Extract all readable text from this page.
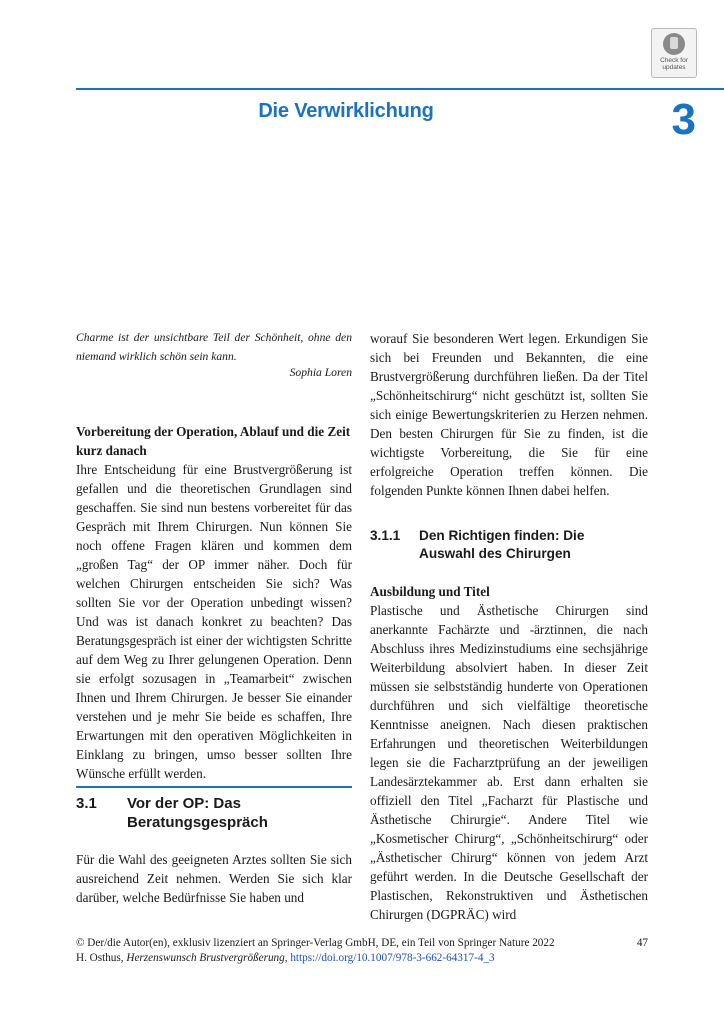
Check for
updates
Die Verwirklichung	3
Charme ist der unsichtbare Teil der Schönheit, ohne den niemand wirklich schön sein kann.
Sophia Loren
Vorbereitung der Operation, Ablauf und die Zeit kurz danach

Ihre Entscheidung für eine Brustvergrößerung ist gefallen und die theoretischen Grundlagen sind geschaffen. Sie sind nun bestens vorbereitet für das Gespräch mit Ihrem Chirurgen. Nun können Sie noch offene Fragen klären und kommen dem „großen Tag“ der OP immer näher. Doch für welchen Chirurgen entscheiden Sie sich? Was sollten Sie vor der Operation unbedingt wissen? Und was ist danach konkret zu beachten? Das Beratungsgespräch ist einer der wichtigsten Schritte auf dem Weg zu Ihrer gelungenen Operation. Denn sie erfolgt sozusagen in „Teamarbeit“ zwischen Ihnen und Ihrem Chirurgen. Je besser Sie einander verstehen und je mehr Sie beide es schaffen, Ihre Erwartungen mit den operativen Möglichkeiten in Einklang zu bringen, umso besser sollten Ihre Wünsche erfüllt werden.

3.1 Vor der OP: Das Beratungsgespräch

Für die Wahl des geeigneten Arztes sollten Sie sich ausreichend Zeit nehmen. Werden Sie sich klar darüber, welche Bedürfnisse Sie haben und

worauf Sie besonderen Wert legen. Erkundigen Sie sich bei Freunden und Bekannten, die eine Brustvergrößerung durchführen ließen. Da der Titel „Schönheitschirurg“ nicht geschützt ist, sollten Sie sich einige Bewertungskriterien zu Herzen nehmen. Den besten Chirurgen für Sie zu finden, ist die wichtigste Vorbereitung, die Sie für eine erfolgreiche Operation treffen können. Die folgenden Punkte können Ihnen dabei helfen.

3.1.1 Den Richtigen finden: Die Auswahl des Chirurgen
Ausbildung und Titel

Plastische und Ästhetische Chirurgen sind anerkannte Fachärzte und -ärztinnen, die nach Abschluss ihres Medizinstudiums eine sechsjährige Weiterbildung absolviert haben. In dieser Zeit müssen sie selbstständig hunderte von Operationen durchführen und sich vielfältige theoretische Kenntnisse aneignen. Nach diesen praktischen Erfahrungen und theoretischen Weiterbildungen legen sie die Facharztprüfung an der jeweiligen Landesärztekammer ab. Erst dann erhalten sie offiziell den Titel „Facharzt für Plastische und Ästhetische Chirurgie“. Andere Titel wie „Kosmetischer Chirurg“, „Schönheitschirurg“ oder „Ästhetischer Chirurg“ können von jedem Arzt geführt werden. In die Deutsche Gesellschaft der Plastischen, Rekonstruktiven und Ästhetischen Chirurgen (DGPRÄC) wird

© Der/die Autor(en), exklusiv lizenziert an Springer-Verlag GmbH, DE, ein Teil von Springer Nature 2022	47
H. Osthus, Herzenswunsch Brustvergrößerung, https://doi.org/10.1007/978-3-662-64317-4_3
